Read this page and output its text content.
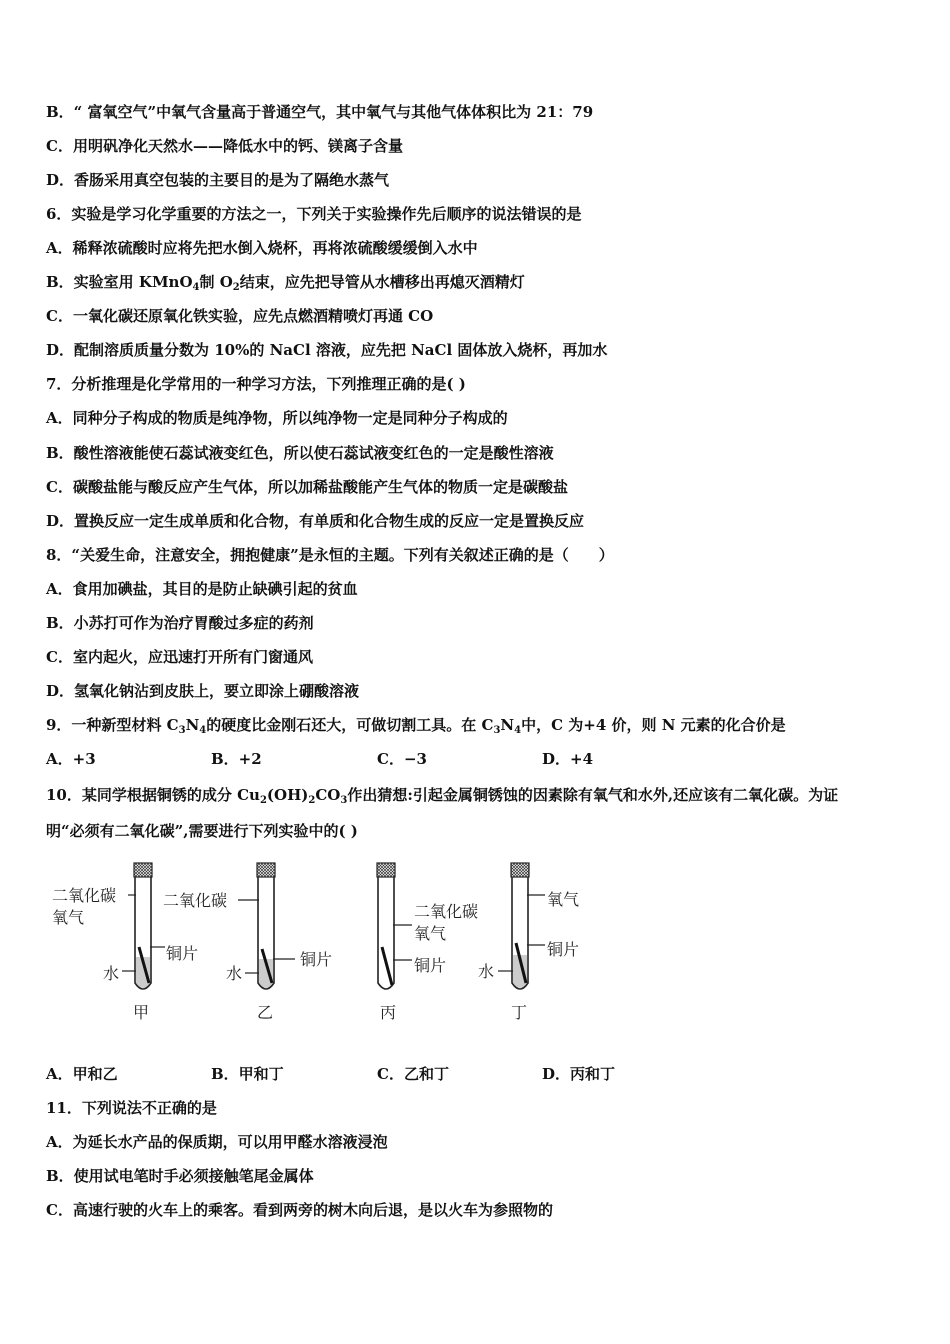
B．“ 富氧空气”中氧气含量高于普通空气，其中氧气与其他气体体积比为 21：79
C．用明矾净化天然水——降低水中的钙、镁离子含量
D．香肠采用真空包装的主要目的是为了隔绝水蒸气
6．实验是学习化学重要的方法之一，下列关于实验操作先后顺序的说法错误的是
A．稀释浓硫酸时应将先把水倒入烧杯，再将浓硫酸缓缓倒入水中
B．实验室用 KMnO$_4$制 $O_2$结束，应先把导管从水槽移出再熄灭酒精灯
C．一氧化碳还原氧化铁实验，应先点燃酒精喷灯再通 CO
D．配制溶质质量分数为 10%的 NaCl 溶液，应先把 NaCl 固体放入烧杯，再加水
7．分析推理是化学常用的一种学习方法，下列推理正确的是( )
A．同种分子构成的物质是纯净物，所以纯净物一定是同种分子构成的
B．酸性溶液能使石蕊试液变红色，所以使石蕊试液变红色的一定是酸性溶液
C．碳酸盐能与酸反应产生气体，所以加稀盐酸能产生气体的物质一定是碳酸盐
D．置换反应一定生成单质和化合物，有单质和化合物生成的反应一定是置换反应
8．“关爱生命，注意安全，拥抱健康”是永恒的主题。下列有关叙述正确的是（　　）
A．食用加碘盐，其目的是防止缺碘引起的贫血
B．小苏打可作为治疗胃酸过多症的药剂
C．室内起火，应迅速打开所有门窗通风
D．氢氧化钠沾到皮肤上，要立即涂上硼酸溶液
9．一种新型材料 $C_3N_4$的硬度比金刚石还大，可做切割工具。在 $C_3N_4$中，C 为+4 价，则 N 元素的化合价是
A．+3	B．+2	C．−3	D．+4
10．某同学根据铜锈的成分 $Cu_2(OH)_2CO_3$作出猜想:引起金属铜锈蚀的因素除有氧气和水外,还应该有二氧化碳。为证
明“必须有二氧化碳”,需要进行下列实验中的( )
二氧化碳
氧气
铜片
水
甲
二氧化碳
铜片
水
乙
二氧化碳
氧气
铜片
丙
氧气
铜片
水
丁
A．甲和乙	B．甲和丁	C．乙和丁	D．丙和丁
11．下列说法不正确的是
A．为延长水产品的保质期，可以用甲醛水溶液浸泡
B．使用试电笔时手必须接触笔尾金属体
C．高速行驶的火车上的乘客。看到两旁的树木向后退，是以火车为参照物的
